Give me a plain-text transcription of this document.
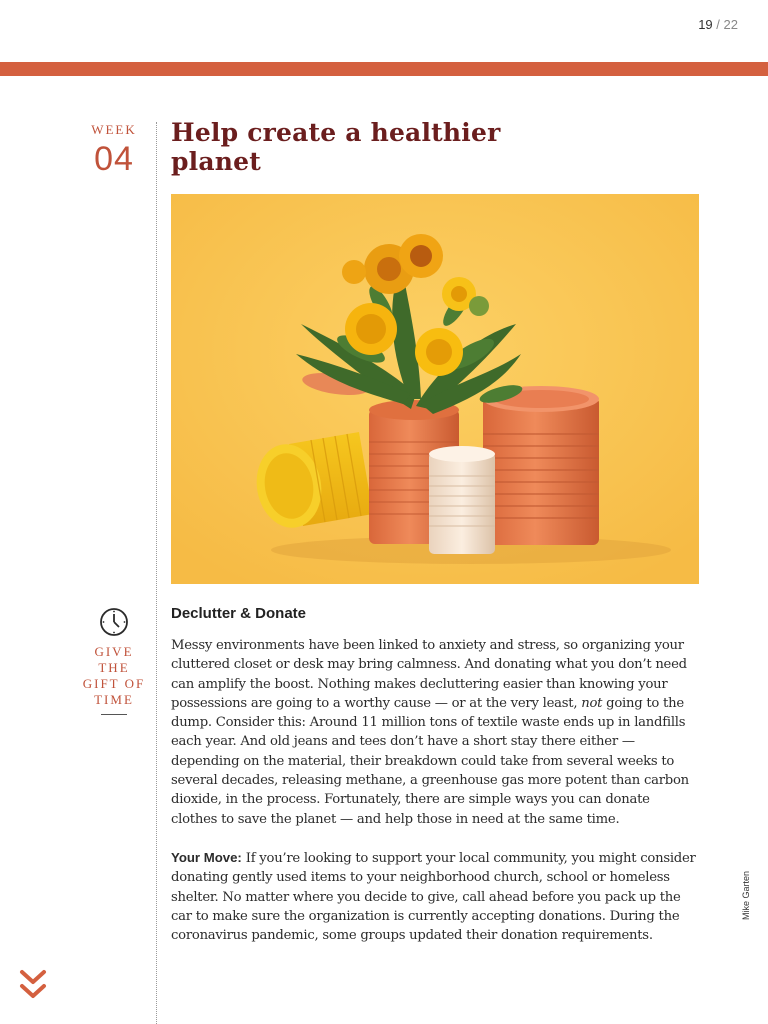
19 / 22
WEEK
04
Help create a healthier planet
GIVE
THE
GIFT OF
TIME
Declutter & Donate

Messy environments have been linked to anxiety and stress, so organizing your cluttered closet or desk may bring calmness. And donating what you don’t need can amplify the boost. Nothing makes decluttering easier than knowing your possessions are going to a worthy cause — or at the very least, not going to the dump. Consider this: Around 11 million tons of textile waste ends up in landfills each year. And old jeans and tees don’t have a short stay there either — depending on the material, their breakdown could take from several weeks to several decades, releasing methane, a greenhouse gas more potent than carbon dioxide, in the process. Fortunately, there are simple ways you can donate clothes to save the planet — and help those in need at the same time.

Your Move: If you’re looking to support your local community, you might consider donating gently used items to your neighborhood church, school or homeless shelter. No matter where you decide to give, call ahead before you pack up the car to make sure the organization is currently accepting donations. During the coronavirus pandemic, some groups updated their donation requirements.

Mike Garten
